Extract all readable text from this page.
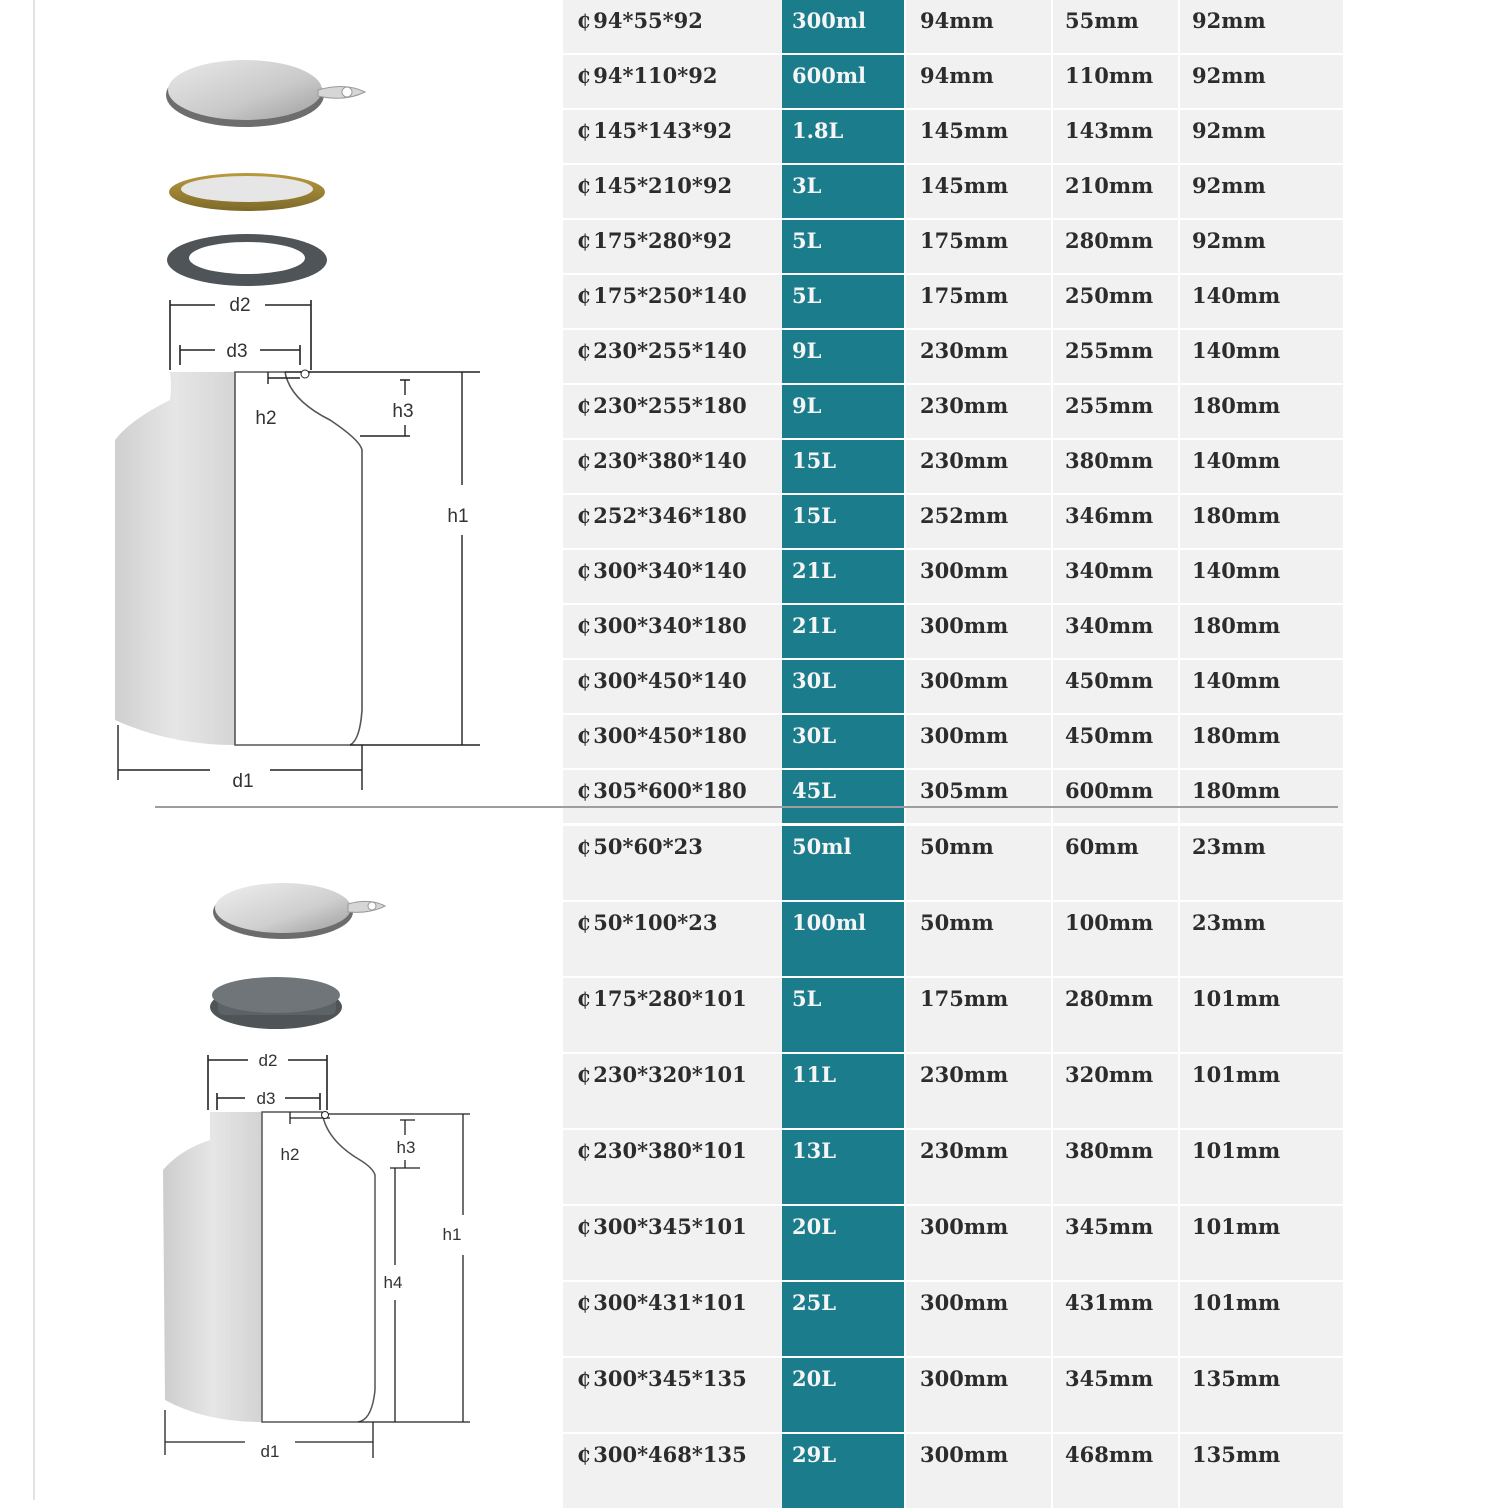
d2
d3
h2	h3
h1
d1
d2
d3
h2	h3
h1
h4
d1
₵ 94*55*92	300ml	94mm	55mm	92mm
₵ 94*110*92	600ml	94mm	110mm	92mm
₵ 145*143*92	1.8L	145mm	143mm	92mm
₵ 145*210*92	3L	145mm	210mm	92mm
₵ 175*280*92	5L	175mm	280mm	92mm
₵ 175*250*140	5L	175mm	250mm	140mm
₵ 230*255*140	9L	230mm	255mm	140mm
₵ 230*255*180	9L	230mm	255mm	180mm
₵ 230*380*140	15L	230mm	380mm	140mm
₵ 252*346*180	15L	252mm	346mm	180mm
₵ 300*340*140	21L	300mm	340mm	140mm
₵ 300*340*180	21L	300mm	340mm	180mm
₵ 300*450*140	30L	300mm	450mm	140mm
₵ 300*450*180	30L	300mm	450mm	180mm
₵ 305*600*180	45L	305mm	600mm	180mm
₵ 50*60*23	50ml	50mm	60mm	23mm
₵ 50*100*23	100ml	50mm	100mm	23mm
₵ 175*280*101	5L	175mm	280mm	101mm
₵ 230*320*101	11L	230mm	320mm	101mm
₵ 230*380*101	13L	230mm	380mm	101mm
₵ 300*345*101	20L	300mm	345mm	101mm
₵ 300*431*101	25L	300mm	431mm	101mm
₵ 300*345*135	20L	300mm	345mm	135mm
₵ 300*468*135	29L	300mm	468mm	135mm
